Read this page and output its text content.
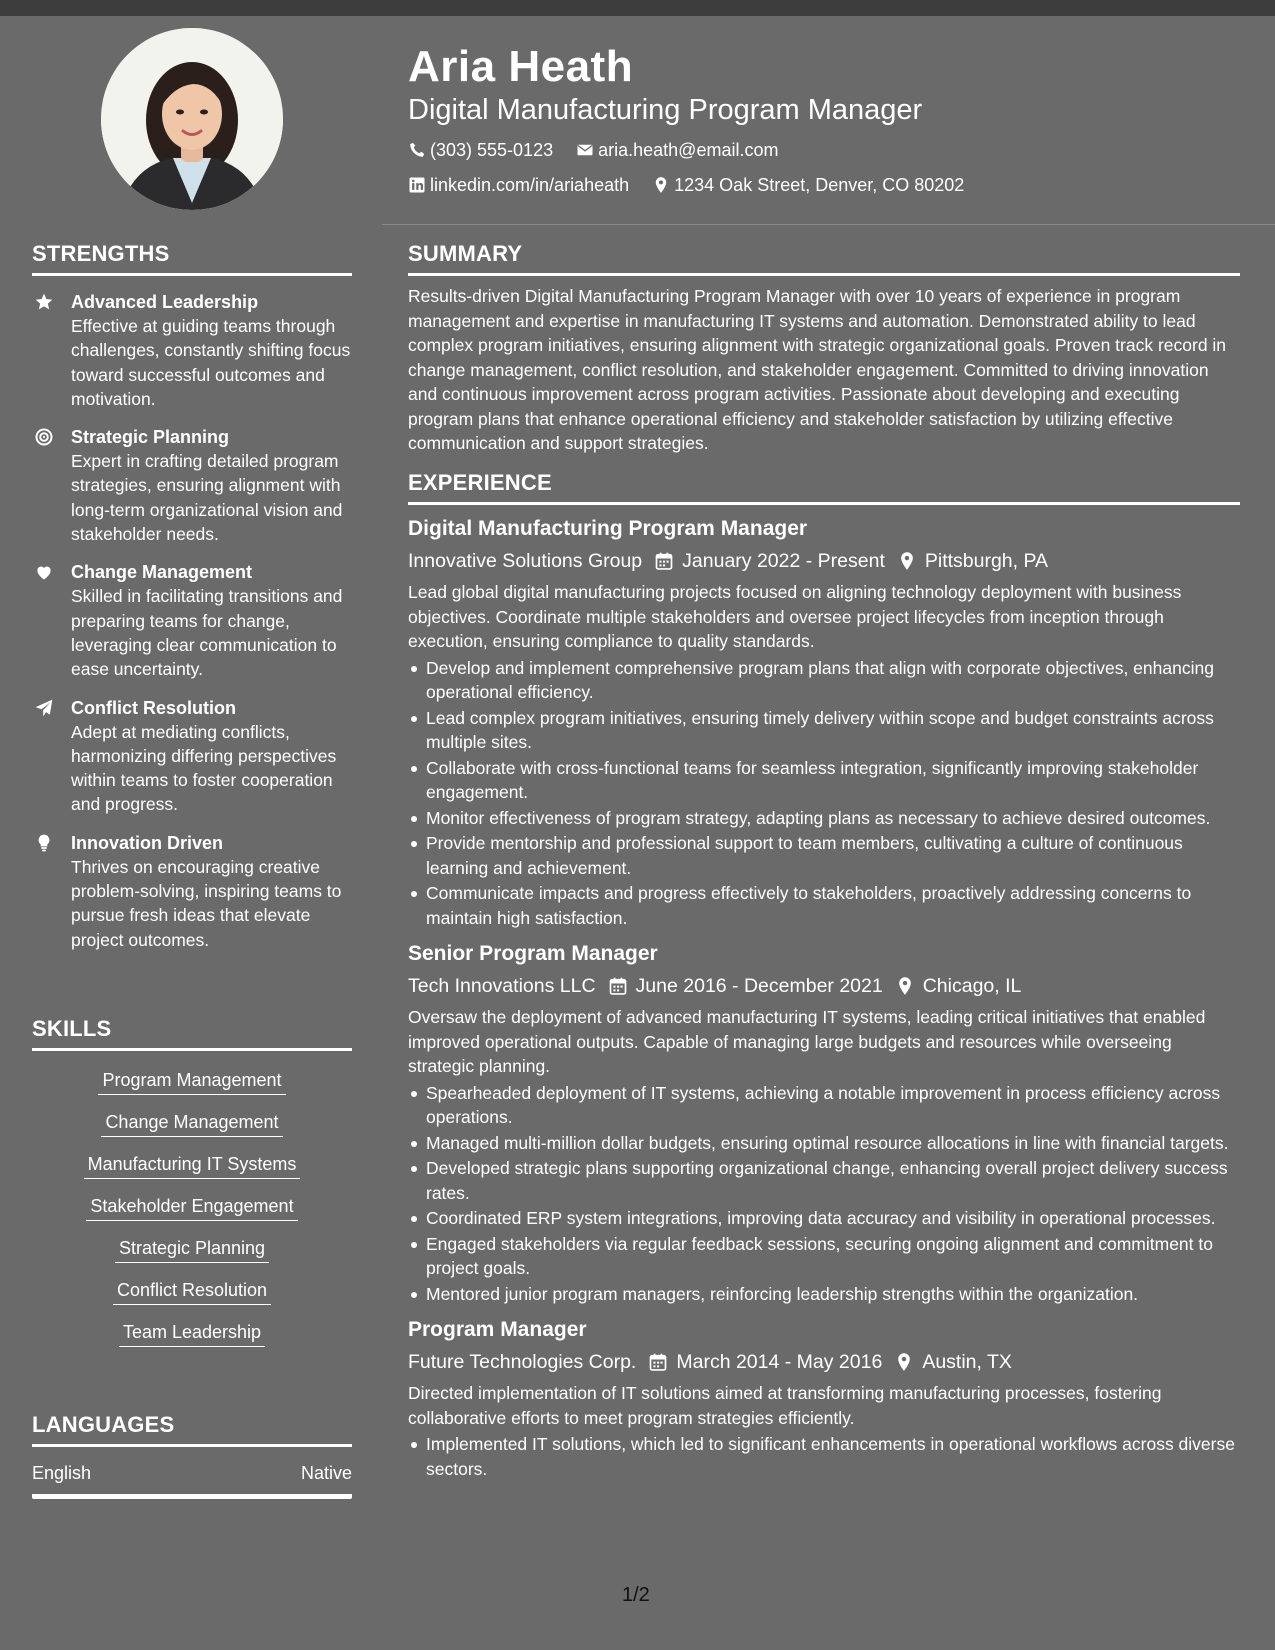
STRENGTHS
Advanced Leadership
Effective at guiding teams through challenges, constantly shifting focus toward successful outcomes and motivation.
Strategic Planning
Expert in crafting detailed program strategies, ensuring alignment with long-term organizational vision and stakeholder needs.
Change Management
Skilled in facilitating transitions and preparing teams for change, leveraging clear communication to ease uncertainty.
Conflict Resolution
Adept at mediating conflicts, harmonizing differing perspectives within teams to foster cooperation and progress.
Innovation Driven
Thrives on encouraging creative problem-solving, inspiring teams to pursue fresh ideas that elevate project outcomes.
SKILLS
Program Management
Change Management
Manufacturing IT Systems
Stakeholder Engagement
Strategic Planning
Conflict Resolution
Team Leadership
LANGUAGES
English	Native
Aria Heath
Digital Manufacturing Program Manager
(303) 555-0123
	aria.heath@email.com
linkedin.com/in/ariaheath
	1234 Oak Street, Denver, CO 80202
SUMMARY
Results-driven Digital Manufacturing Program Manager with over 10 years of experience in program management and expertise in manufacturing IT systems and automation. Demonstrated ability to lead complex program initiatives, ensuring alignment with strategic organizational goals. Proven track record in change management, conflict resolution, and stakeholder engagement. Committed to driving innovation and continuous improvement across program activities. Passionate about developing and executing program plans that enhance operational efficiency and stakeholder satisfaction by utilizing effective communication and support strategies.
EXPERIENCE
Digital Manufacturing Program Manager
Innovative Solutions Group January 2022 - Present Pittsburgh, PA
Lead global digital manufacturing projects focused on aligning technology deployment with business objectives. Coordinate multiple stakeholders and oversee project lifecycles from inception through execution, ensuring compliance to quality standards.
Develop and implement comprehensive program plans that align with corporate objectives, enhancing operational efficiency.
Lead complex program initiatives, ensuring timely delivery within scope and budget constraints across multiple sites.
Collaborate with cross-functional teams for seamless integration, significantly improving stakeholder engagement.
Monitor effectiveness of program strategy, adapting plans as necessary to achieve desired outcomes.
Provide mentorship and professional support to team members, cultivating a culture of continuous learning and achievement.
Communicate impacts and progress effectively to stakeholders, proactively addressing concerns to maintain high satisfaction.
Senior Program Manager
Tech Innovations LLC June 2016 - December 2021 Chicago, IL
Oversaw the deployment of advanced manufacturing IT systems, leading critical initiatives that enabled improved operational outputs. Capable of managing large budgets and resources while overseeing strategic planning.
Spearheaded deployment of IT systems, achieving a notable improvement in process efficiency across operations.
Managed multi-million dollar budgets, ensuring optimal resource allocations in line with financial targets.
Developed strategic plans supporting organizational change, enhancing overall project delivery success rates.
Coordinated ERP system integrations, improving data accuracy and visibility in operational processes.
Engaged stakeholders via regular feedback sessions, securing ongoing alignment and commitment to project goals.
Mentored junior program managers, reinforcing leadership strengths within the organization.
Program Manager
Future Technologies Corp. March 2014 - May 2016 Austin, TX
Directed implementation of IT solutions aimed at transforming manufacturing processes, fostering collaborative efforts to meet program strategies efficiently.
Implemented IT solutions, which led to significant enhancements in operational workflows across diverse sectors.
1/2
